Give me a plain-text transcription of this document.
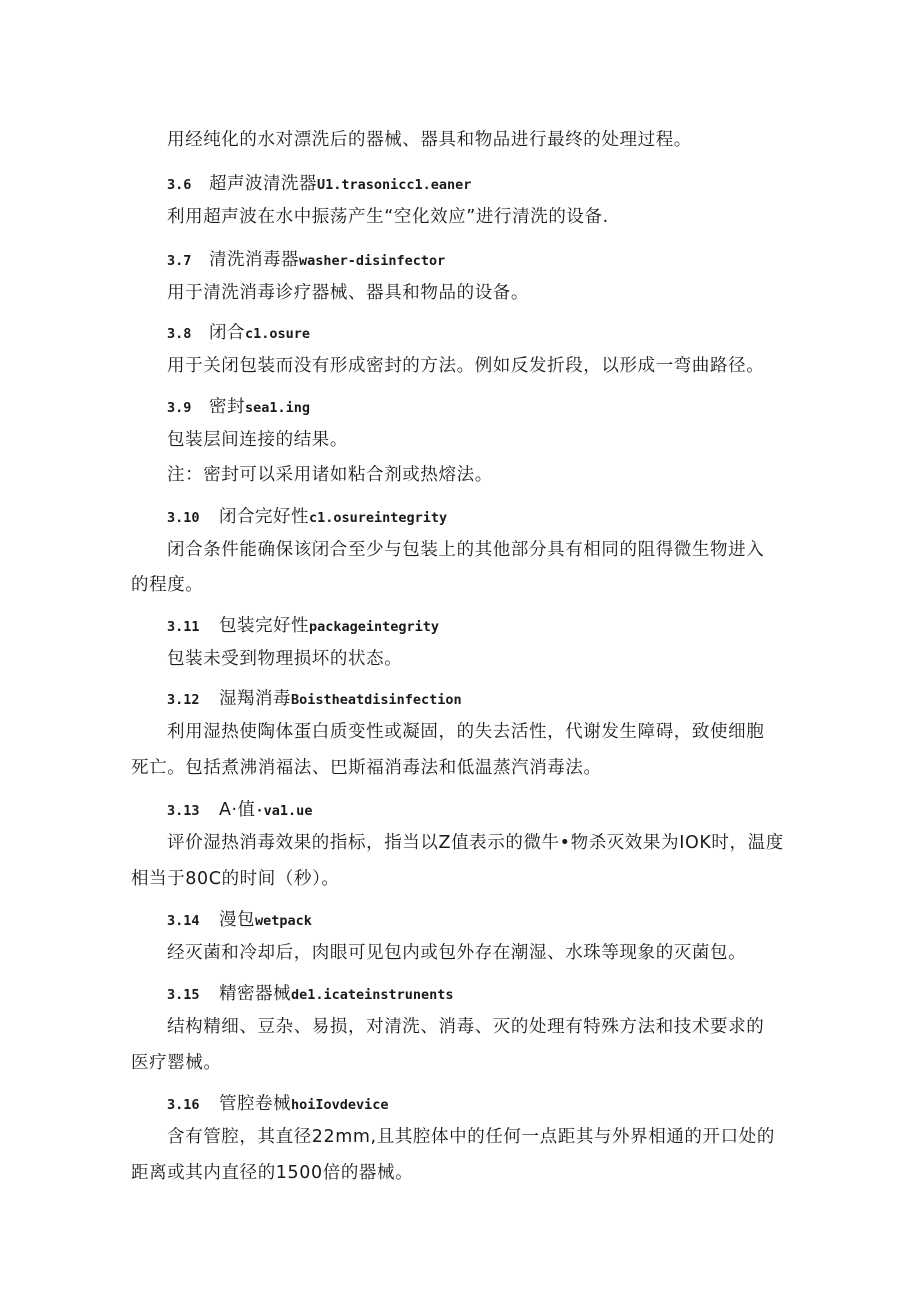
用经纯化的水对漂洗后的器械、器具和物品进行最终的处理过程。
3.6 超声波清洗器U1.trasonicc1.eaner
利用超声波在水中振荡产生“空化效应”进行清洗的设备.
3.7 清洗消毒器washer-disinfector
用于清洗消毒诊疗器械、器具和物品的设备。
3.8 闭合c1.osure
用于关闭包装而没有形成密封的方法。例如反发折段，以形成一弯曲路径。
3.9 密封sea1.ing
包装层间连接的结果。
注：密封可以采用诸如粘合剂或热熔法。
3.10 闭合完好性c1.osureintegrity
闭合条件能确保该闭合至少与包装上的其他部分具有相同的阻得微生物进入
的程度。
3.11 包装完好性packageintegrity
包装未受到物理损坏的状态。
3.12 湿羯消毒Boistheatdisinfection
利用湿热使陶体蛋白质变性或凝固，的失去活性，代谢发生障碍，致使细胞
死亡。包括煮沸消福法、巴斯福消毒法和低温蒸汽消毒法。
3.13 A·值·va1.ue
评价湿热消毒效果的指标，指当以Z值表示的微牛•物杀灭效果为IOK时，温度
相当于80C的时间（秒）。
3.14 漫包wetpack
经灭菌和冷却后，肉眼可见包内或包外存在潮湿、水珠等现象的灭菌包。
3.15 精密器械de1.icateinstrunents
结构精细、豆杂、易损，对清洗、消毒、灭的处理有特殊方法和技术要求的
医疗罂械。
3.16 管腔卷械hoiIovdevice
含有管腔，其直径22mm,且其腔体中的任何一点距其与外界相通的开口处的
距离或其内直径的1500倍的器械。
